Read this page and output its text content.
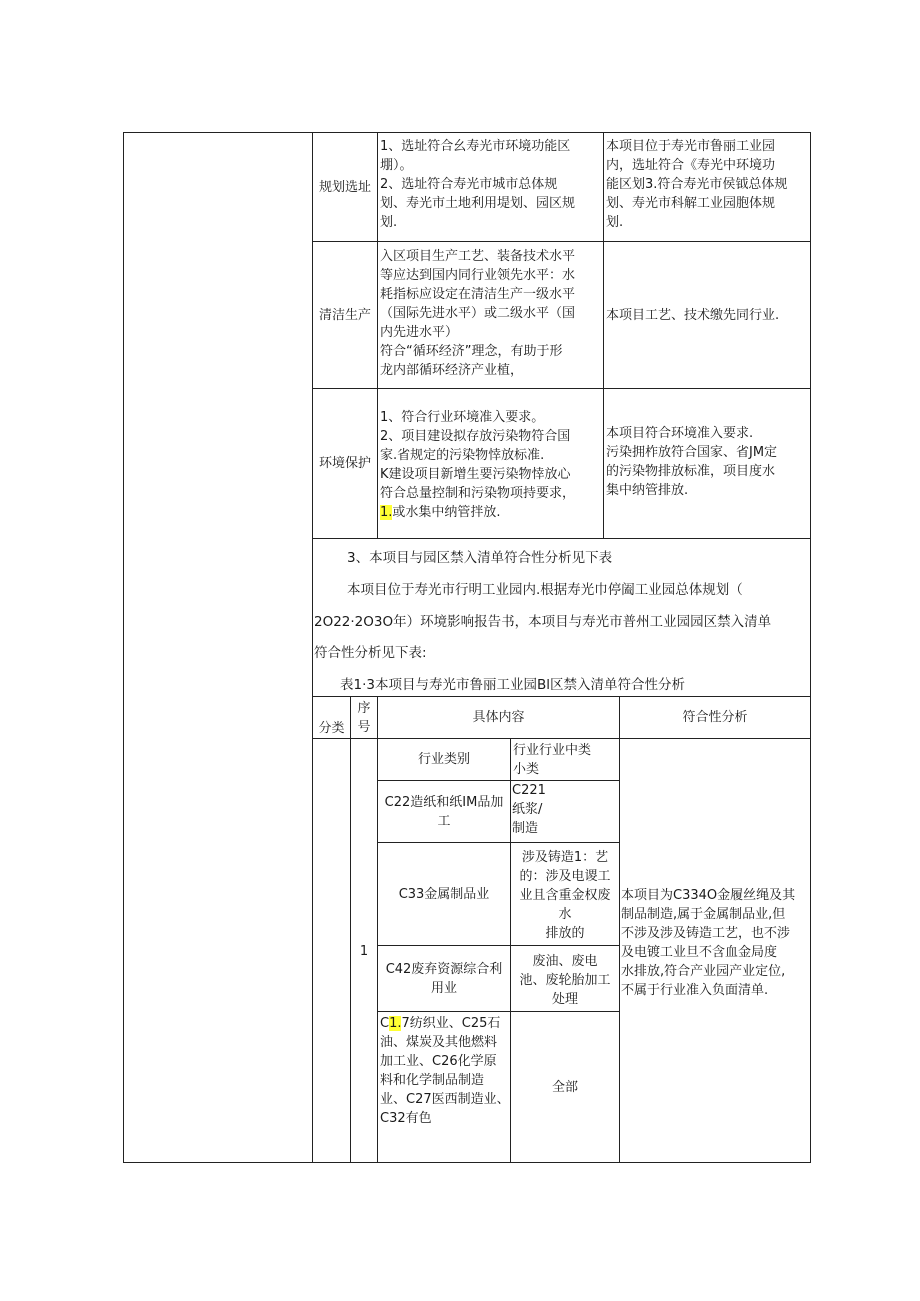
规划选址
1、选址符合幺寿光市环境功能区
堋）。
2、选址符合寿光市城市总体规
划、寿光市土地利用堤划、园区规
划.
本项目位于寿光市鲁丽工业园
内，选址符合《寿光中环境功
能区划3.符合寿光市侯钺总体规
划、寿光市科解工业园胞体规
划.
清洁生产
入区项目生产工艺、装备技术水平
等应达到国内同行业领先水平：水
耗指标应设定在清洁生产一级水平
（国际先进水平）或二级水平（国
内先进水平）
符合“循环经济”理念，有助于形
龙内部循环经济产业植，
本项目工艺、技术缴先同行业.
环境保护
1、符合行业环境准入要求。
2、项目建设拟存放污染物符合国
家.省规定的污染物悻放标准.
K建设项目新增生要污染物悻放心
符合总量控制和污染物项持要求，
1.或水集中纳管拌放.
本项目符合环境准入要求.
污染拥柞放符合国家、省JM定
的污染物排放标准，项目度水
集中纳管排放.
3、本项目与园区禁入清单符合性分析见下表
本项目位于寿光市行明工业园内.根据寿光巾停阖工业园总体规划（
2O22·2O3O年）环境影响报告书，本项目与寿光市普州工业园园区禁入清单
符合性分析见下表:
表1·3本项目与寿光市鲁丽工业园Bl区禁入清单符合性分析
分类
序
号
具体内容	符合性分析
1
行业类别
行业行业中类
小类
C22造纸和纸IM品加
工
C221
纸浆/
制造
C33金属制品业
涉及铸造1：艺
的：涉及电谡工
业且含重金权废
水
排放的
C42废弃资源综合利
用业
废油、废电
池、废轮胎加工
处理
C1.7纺织业、C25石
油、煤炭及其他燃料
加工业、C26化学原
料和化学制品制造
业、C27医西制造业、
C32有色
全部
本项目为C334O金履丝绳及其
制品制造,属于金属制品业,但
不涉及涉及铸造工艺，也不涉
及电镀工业旦不含血金局度
水排放,符合产业园产业定位,
不属于行业准入负面清单.
